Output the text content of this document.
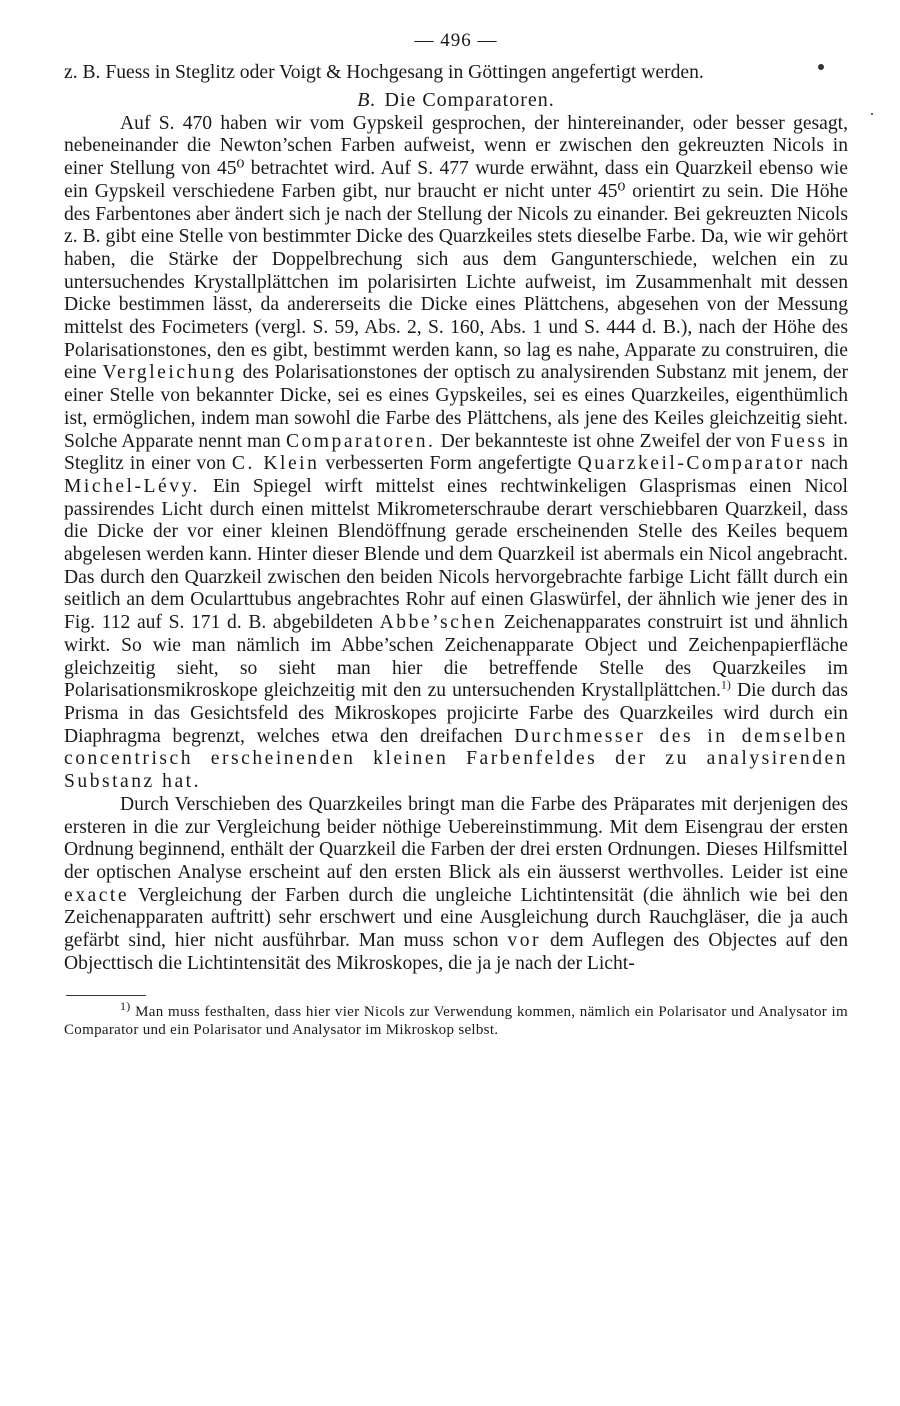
— 496 —

z. B. Fuess in Steglitz oder Voigt & Hochgesang in Göttingen angefertigt werden.

B. Die Comparatoren.

Auf S. 470 haben wir vom Gypskeil gesprochen, der hintereinander, oder besser gesagt, nebeneinander die Newton’schen Farben aufweist, wenn er zwischen den gekreuzten Nicols in einer Stellung von 45⁰ betrachtet wird. Auf S. 477 wurde erwähnt, dass ein Quarzkeil ebenso wie ein Gypskeil verschiedene Farben gibt, nur braucht er nicht unter 45⁰ orientirt zu sein. Die Höhe des Farbentones aber ändert sich je nach der Stellung der Nicols zu einander. Bei gekreuzten Nicols z. B. gibt eine Stelle von bestimmter Dicke des Quarzkeiles stets dieselbe Farbe. Da, wie wir gehört haben, die Stärke der Doppelbrechung sich aus dem Gangunterschiede, welchen ein zu untersuchendes Krystallplättchen im polarisirten Lichte aufweist, im Zusammenhalt mit dessen Dicke bestimmen lässt, da andererseits die Dicke eines Plättchens, abgesehen von der Messung mittelst des Focimeters (vergl. S. 59, Abs. 2, S. 160, Abs. 1 und S. 444 d. B.), nach der Höhe des Polarisationstones, den es gibt, bestimmt werden kann, so lag es nahe, Apparate zu construiren, die eine Vergleichung des Polarisationstones der optisch zu analysirenden Substanz mit jenem, der einer Stelle von bekannter Dicke, sei es eines Gypskeiles, sei es eines Quarzkeiles, eigenthümlich ist, ermöglichen, indem man sowohl die Farbe des Plättchens, als jene des Keiles gleichzeitig sieht. Solche Apparate nennt man Comparatoren. Der bekannteste ist ohne Zweifel der von Fuess in Steglitz in einer von C. Klein verbesserten Form angefertigte Quarzkeil-Comparator nach Michel-Lévy. Ein Spiegel wirft mittelst eines rechtwinkeligen Glasprismas einen Nicol passirendes Licht durch einen mittelst Mikrometerschraube derart verschiebbaren Quarzkeil, dass die Dicke der vor einer kleinen Blendöffnung gerade erscheinenden Stelle des Keiles bequem abgelesen werden kann. Hinter dieser Blende und dem Quarzkeil ist abermals ein Nicol angebracht. Das durch den Quarzkeil zwischen den beiden Nicols hervorgebrachte farbige Licht fällt durch ein seitlich an dem Ocularttubus angebrachtes Rohr auf einen Glaswürfel, der ähnlich wie jener des in Fig. 112 auf S. 171 d. B. abgebildeten Abbe’schen Zeichenapparates construirt ist und ähnlich wirkt. So wie man nämlich im Abbe’schen Zeichenapparate Object und Zeichenpapierfläche gleichzeitig sieht, so sieht man hier die betreffende Stelle des Quarzkeiles im Polarisationsmikroskope gleichzeitig mit den zu untersuchenden Krystallplättchen.$^{1)}$ Die durch das Prisma in das Gesichtsfeld des Mikroskopes projicirte Farbe des Quarzkeiles wird durch ein Diaphragma begrenzt, welches etwa den dreifachen Durchmesser des in demselben concentrisch erscheinenden kleinen Farbenfeldes der zu analysirenden Substanz hat.

Durch Verschieben des Quarzkeiles bringt man die Farbe des Präparates mit derjenigen des ersteren in die zur Vergleichung beider nöthige Uebereinstimmung. Mit dem Eisengrau der ersten Ordnung beginnend, enthält der Quarzkeil die Farben der drei ersten Ordnungen. Dieses Hilfsmittel der optischen Analyse erscheint auf den ersten Blick als ein äusserst werthvolles. Leider ist eine exacte Vergleichung der Farben durch die ungleiche Lichtintensität (die ähnlich wie bei den Zeichenapparaten auftritt) sehr erschwert und eine Ausgleichung durch Rauchgläser, die ja auch gefärbt sind, hier nicht ausführbar. Man muss schon vor dem Auflegen des Objectes auf den Objecttisch die Lichtintensität des Mikroskopes, die ja je nach der Licht-

$^{1)}$ Man muss festhalten, dass hier vier Nicols zur Verwendung kommen, nämlich ein Polarisator und Analysator im Comparator und ein Polarisator und Analysator im Mikroskop selbst.
